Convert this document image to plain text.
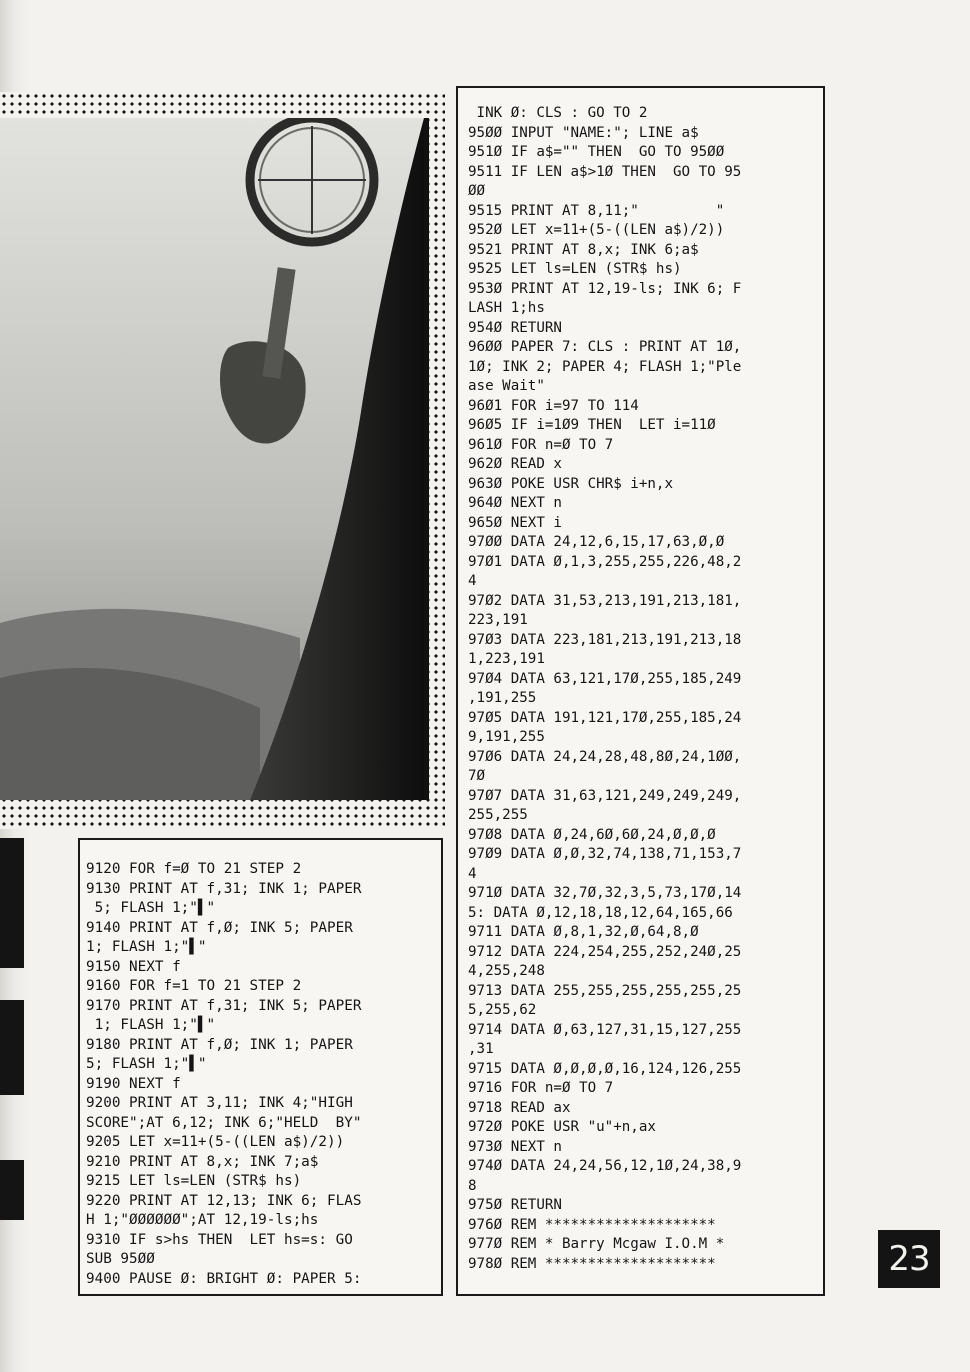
9120 FOR f=Ø TO 21 STEP 2
9130 PRINT AT f,31; INK 1; PAPER
5; FLASH 1;"▌"
9140 PRINT AT f,Ø; INK 5; PAPER
1; FLASH 1;"▌"
9150 NEXT f
9160 FOR f=1 TO 21 STEP 2
9170 PRINT AT f,31; INK 5; PAPER
1; FLASH 1;"▌"
9180 PRINT AT f,Ø; INK 1; PAPER
5; FLASH 1;"▌"
9190 NEXT f
9200 PRINT AT 3,11; INK 4;"HIGH
SCORE";AT 6,12; INK 6;"HELD  BY"
9205 LET x=11+(5-((LEN a$)/2))
9210 PRINT AT 8,x; INK 7;a$
9215 LET ls=LEN (STR$ hs)
9220 PRINT AT 12,13; INK 6; FLAS
H 1;"ØØØØØØ";AT 12,19-ls;hs
9310 IF s>hs THEN  LET hs=s: GO
SUB 95ØØ
9400 PAUSE Ø: BRIGHT Ø: PAPER 5:
INK Ø: CLS : GO TO 2
95ØØ INPUT "NAME:"; LINE a$
951Ø IF a$="" THEN  GO TO 95ØØ
9511 IF LEN a$>1Ø THEN  GO TO 95
ØØ
9515 PRINT AT 8,11;"         "
952Ø LET x=11+(5-((LEN a$)/2))
9521 PRINT AT 8,x; INK 6;a$
9525 LET ls=LEN (STR$ hs)
953Ø PRINT AT 12,19-ls; INK 6; F
LASH 1;hs
954Ø RETURN
96ØØ PAPER 7: CLS : PRINT AT 1Ø,
1Ø; INK 2; PAPER 4; FLASH 1;"Ple
ase Wait"
96Ø1 FOR i=97 TO 114
96Ø5 IF i=1Ø9 THEN  LET i=11Ø
961Ø FOR n=Ø TO 7
962Ø READ x
963Ø POKE USR CHR$ i+n,x
964Ø NEXT n
965Ø NEXT i
97ØØ DATA 24,12,6,15,17,63,Ø,Ø
97Ø1 DATA Ø,1,3,255,255,226,48,2
4
97Ø2 DATA 31,53,213,191,213,181,
223,191
97Ø3 DATA 223,181,213,191,213,18
1,223,191
97Ø4 DATA 63,121,17Ø,255,185,249
,191,255
97Ø5 DATA 191,121,17Ø,255,185,24
9,191,255
97Ø6 DATA 24,24,28,48,8Ø,24,1ØØ,
7Ø
97Ø7 DATA 31,63,121,249,249,249,
255,255
97Ø8 DATA Ø,24,6Ø,6Ø,24,Ø,Ø,Ø
97Ø9 DATA Ø,Ø,32,74,138,71,153,7
4
971Ø DATA 32,7Ø,32,3,5,73,17Ø,14
5: DATA Ø,12,18,18,12,64,165,66
9711 DATA Ø,8,1,32,Ø,64,8,Ø
9712 DATA 224,254,255,252,24Ø,25
4,255,248
9713 DATA 255,255,255,255,255,25
5,255,62
9714 DATA Ø,63,127,31,15,127,255
,31
9715 DATA Ø,Ø,Ø,Ø,16,124,126,255
9716 FOR n=Ø TO 7
9718 READ ax
972Ø POKE USR "u"+n,ax
973Ø NEXT n
974Ø DATA 24,24,56,12,1Ø,24,38,9
8
975Ø RETURN
976Ø REM ********************
977Ø REM * Barry Mcgaw I.O.M *
978Ø REM ********************	23
